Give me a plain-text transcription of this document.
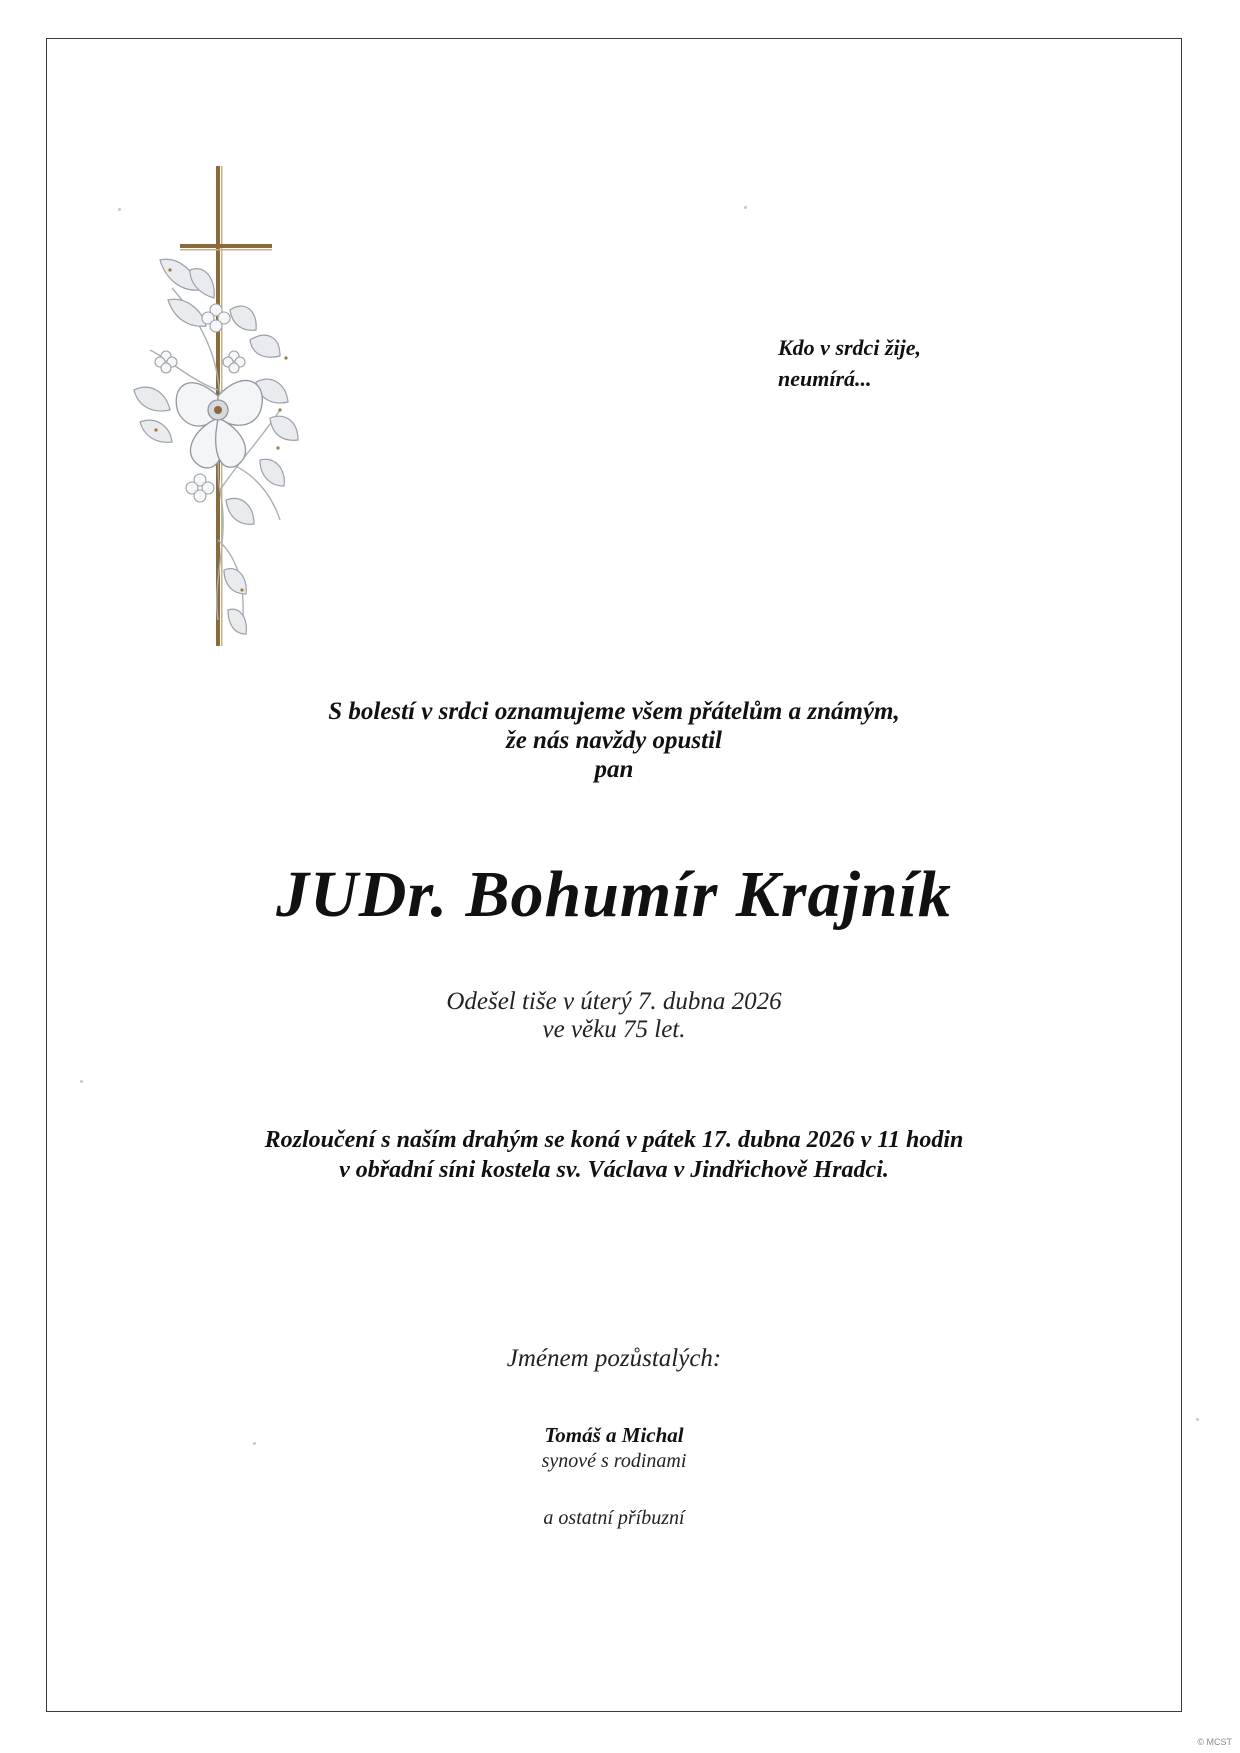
Kdo v srdci žije,
neumírá...
S bolestí v srdci oznamujeme všem přátelům a známým,
že nás navždy opustil
pan
JUDr. Bohumír Krajník
Odešel tiše v úterý 7. dubna 2026
ve věku 75 let.
Rozloučení s naším drahým se koná v pátek 17. dubna 2026 v 11 hodin
v obřadní síni kostela sv. Václava v Jindřichově Hradci.
Jménem pozůstalých:
Tomáš a Michal
synové s rodinami
a ostatní příbuzní
© MCST
